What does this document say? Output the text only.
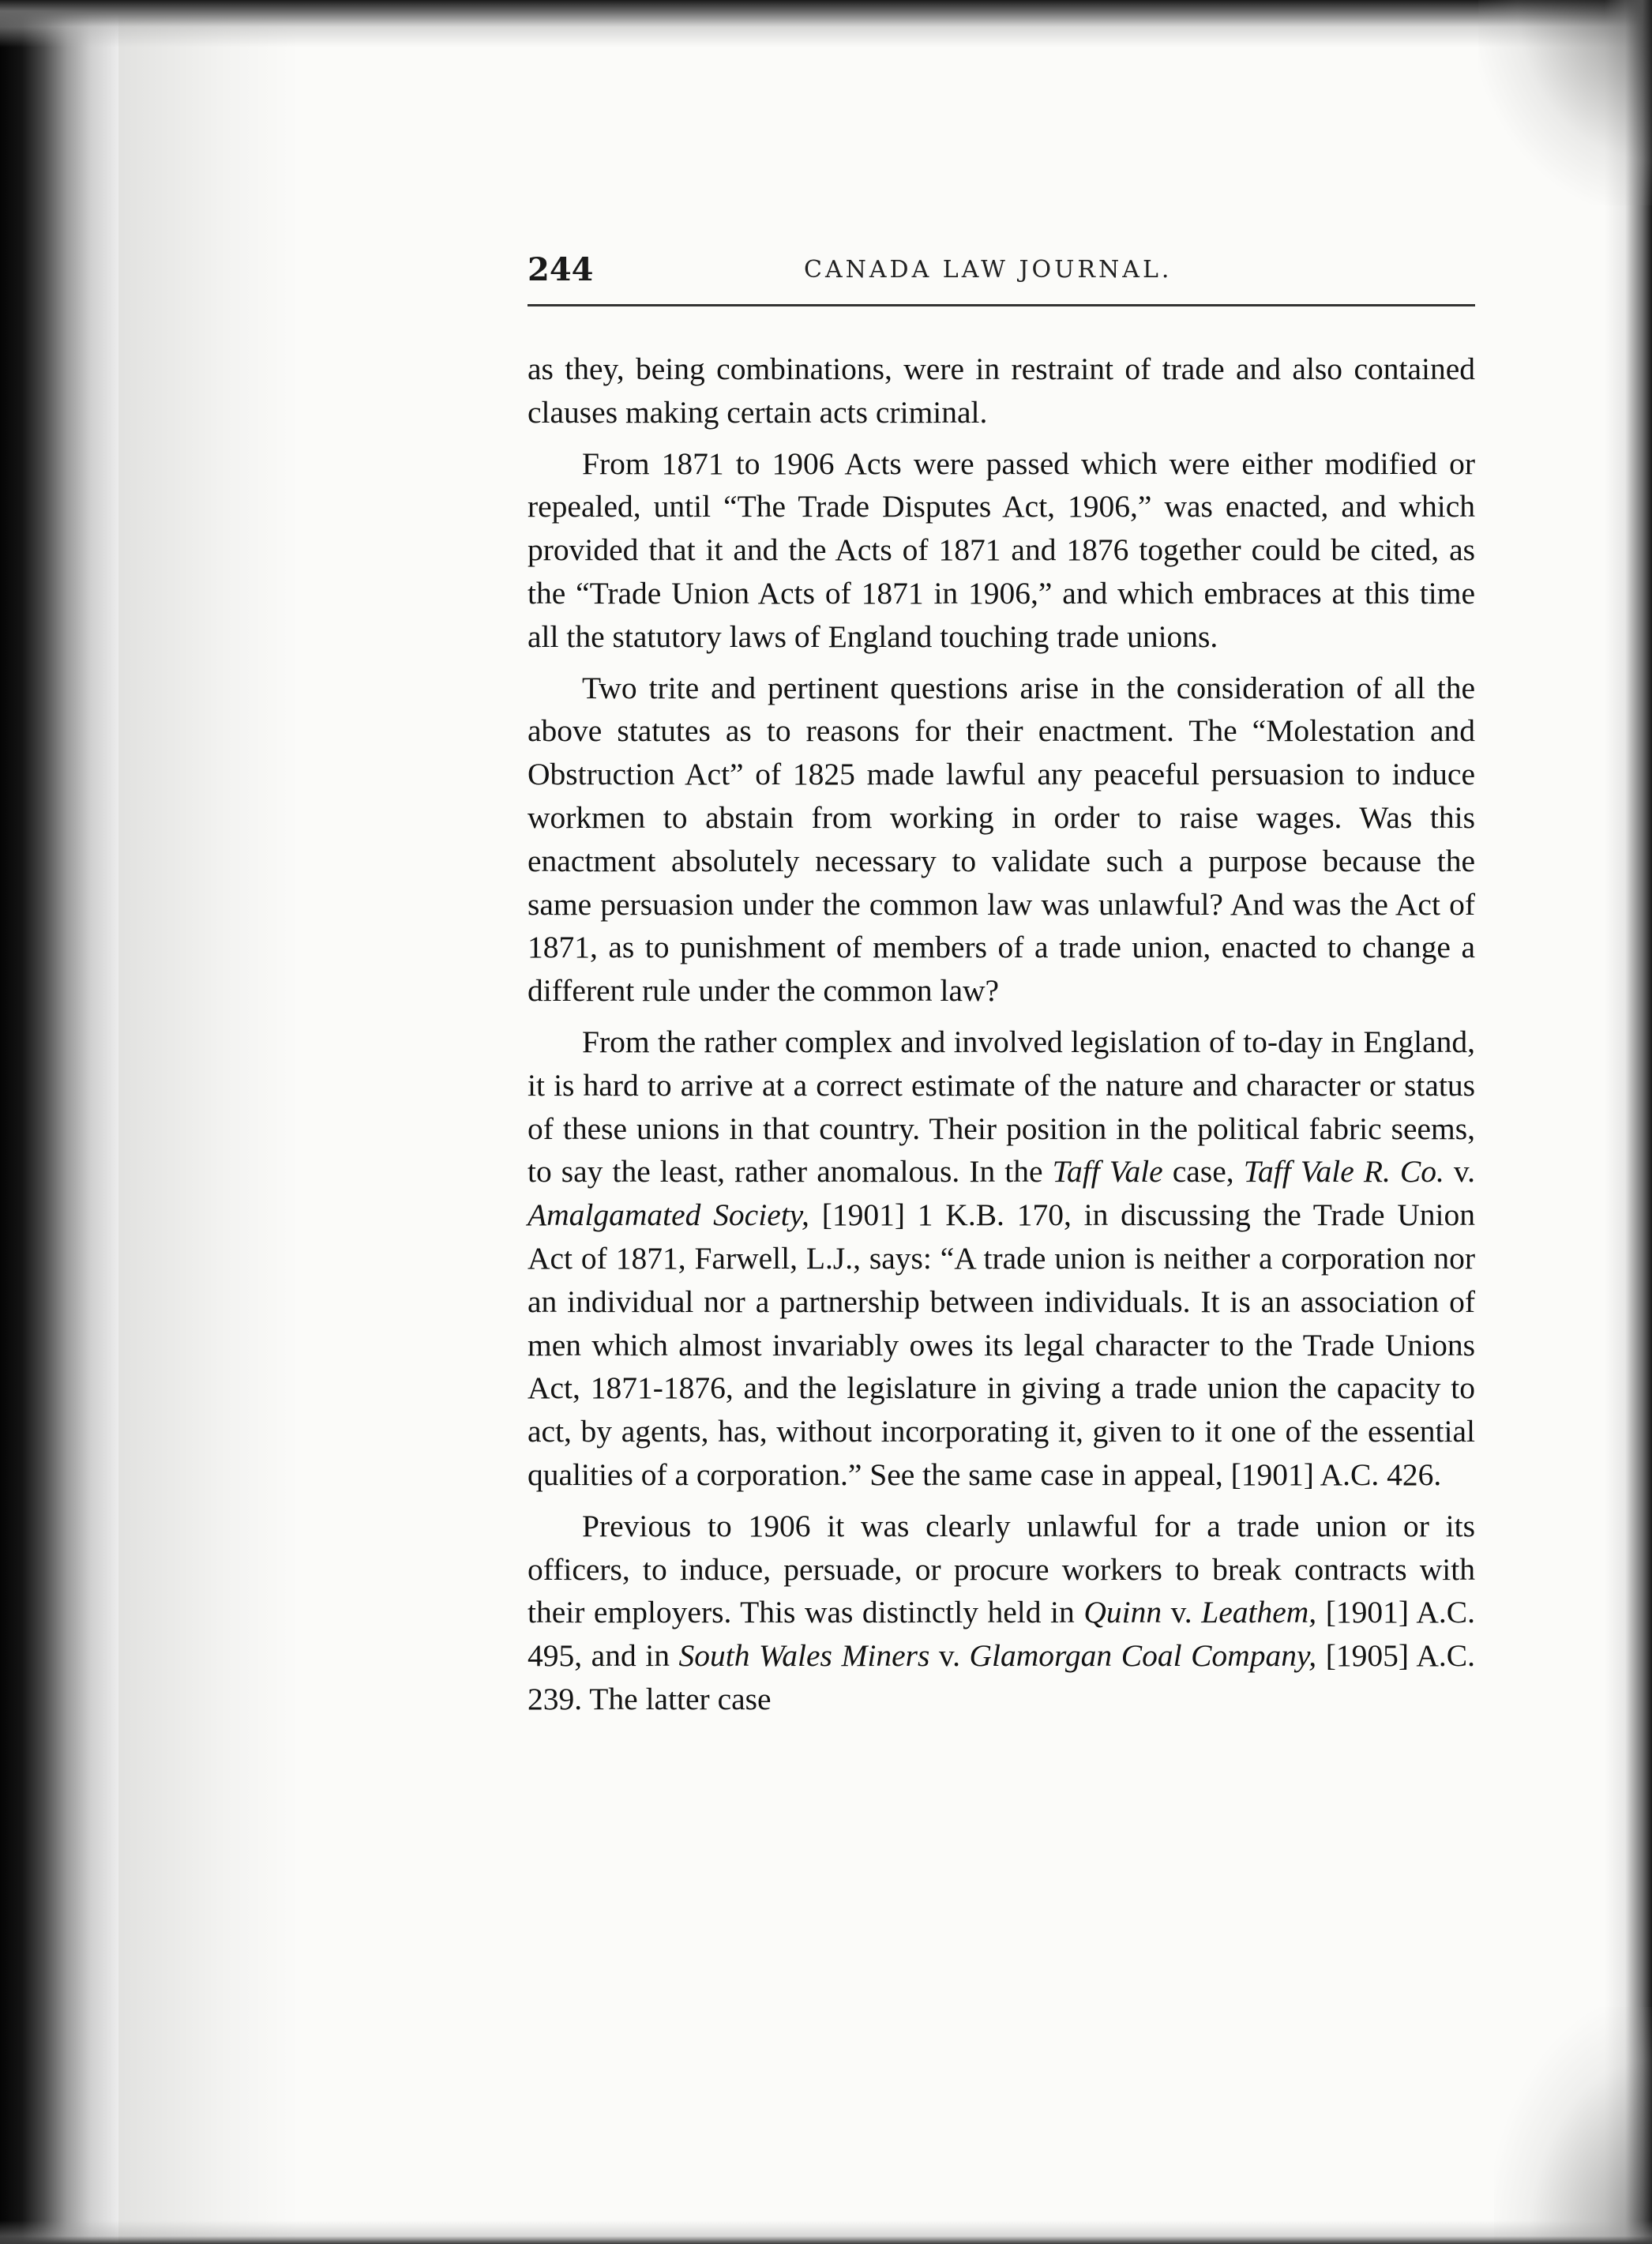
244	CANADA LAW JOURNAL.

as they, being combinations, were in restraint of trade and also contained clauses making certain acts criminal.

From 1871 to 1906 Acts were passed which were either modified or repealed, until “The Trade Disputes Act, 1906,” was enacted, and which provided that it and the Acts of 1871 and 1876 together could be cited, as the “Trade Union Acts of 1871 in 1906,” and which embraces at this time all the statutory laws of England touching trade unions.

Two trite and pertinent questions arise in the consideration of all the above statutes as to reasons for their enactment. The “Molestation and Obstruction Act” of 1825 made lawful any peaceful persuasion to induce workmen to abstain from working in order to raise wages. Was this enactment absolutely necessary to validate such a purpose because the same persuasion under the common law was unlawful? And was the Act of 1871, as to punishment of members of a trade union, enacted to change a different rule under the common law?

From the rather complex and involved legislation of to-day in England, it is hard to arrive at a correct estimate of the nature and character or status of these unions in that country. Their position in the political fabric seems, to say the least, rather anomalous. In the Taff Vale case, Taff Vale R. Co. v. Amalgamated Society, [1901] 1 K.B. 170, in discussing the Trade Union Act of 1871, Farwell, L.J., says: “A trade union is neither a corporation nor an individual nor a partnership between individuals. It is an association of men which almost invariably owes its legal character to the Trade Unions Act, 1871-1876, and the legislature in giving a trade union the capacity to act, by agents, has, without incorporating it, given to it one of the essential qualities of a corporation.” See the same case in appeal, [1901] A.C. 426.

Previous to 1906 it was clearly unlawful for a trade union or its officers, to induce, persuade, or procure workers to break contracts with their employers. This was distinctly held in Quinn v. Leathem, [1901] A.C. 495, and in South Wales Miners v. Glamorgan Coal Company, [1905] A.C. 239. The latter case
